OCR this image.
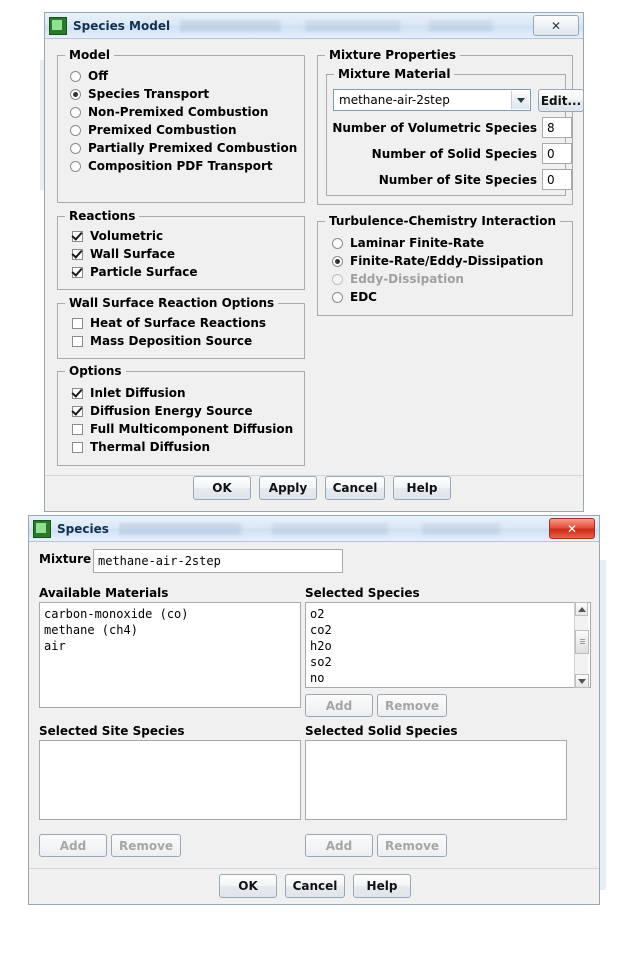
Species Model	✕
Model
Off
Species Transport
Non-Premixed Combustion
Premixed Combustion
Partially Premixed Combustion
Composition PDF Transport
Reactions
Volumetric
Wall Surface
Particle Surface
Wall Surface Reaction Options
Heat of Surface Reactions
Mass Deposition Source
Options
Inlet Diffusion
Diffusion Energy Source
Full Multicomponent Diffusion
Thermal Diffusion
Mixture Properties
Mixture Material
methane-air-2step	Edit...
Number of Volumetric Species 8
Number of Solid Species 0
Number of Site Species 0
Turbulence-Chemistry Interaction
Laminar Finite-Rate
Finite-Rate/Eddy-Dissipation
Eddy-Dissipation
EDC
OK	Apply	Cancel	Help
Species	✕
Mixture methane-air-2step
Available Materials
carbon-monoxide (co)
methane (ch4)
air
Selected Species
o2
co2
h2o
so2
no
Add	Remove
Selected Site Species
Add	Remove
Selected Solid Species
Add	Remove
OK	Cancel	Help
